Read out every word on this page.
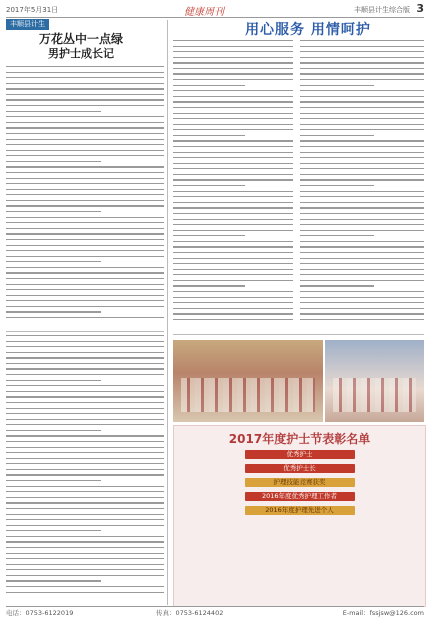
2017年5月31日	健康周刊	丰顺县计生综合版 3
丰顺县计生
万花丛中一点绿
男护士成长记
用心服务 用情呵护
2017年度护士节表彰名单
优秀护士
优秀护士长
护理技能竞赛获奖
2016年度优秀护理工作者
2016年度护理先进个人
电话：0753-6122019	传真：0753-6124402	E-mail：fssjsw@126.com
